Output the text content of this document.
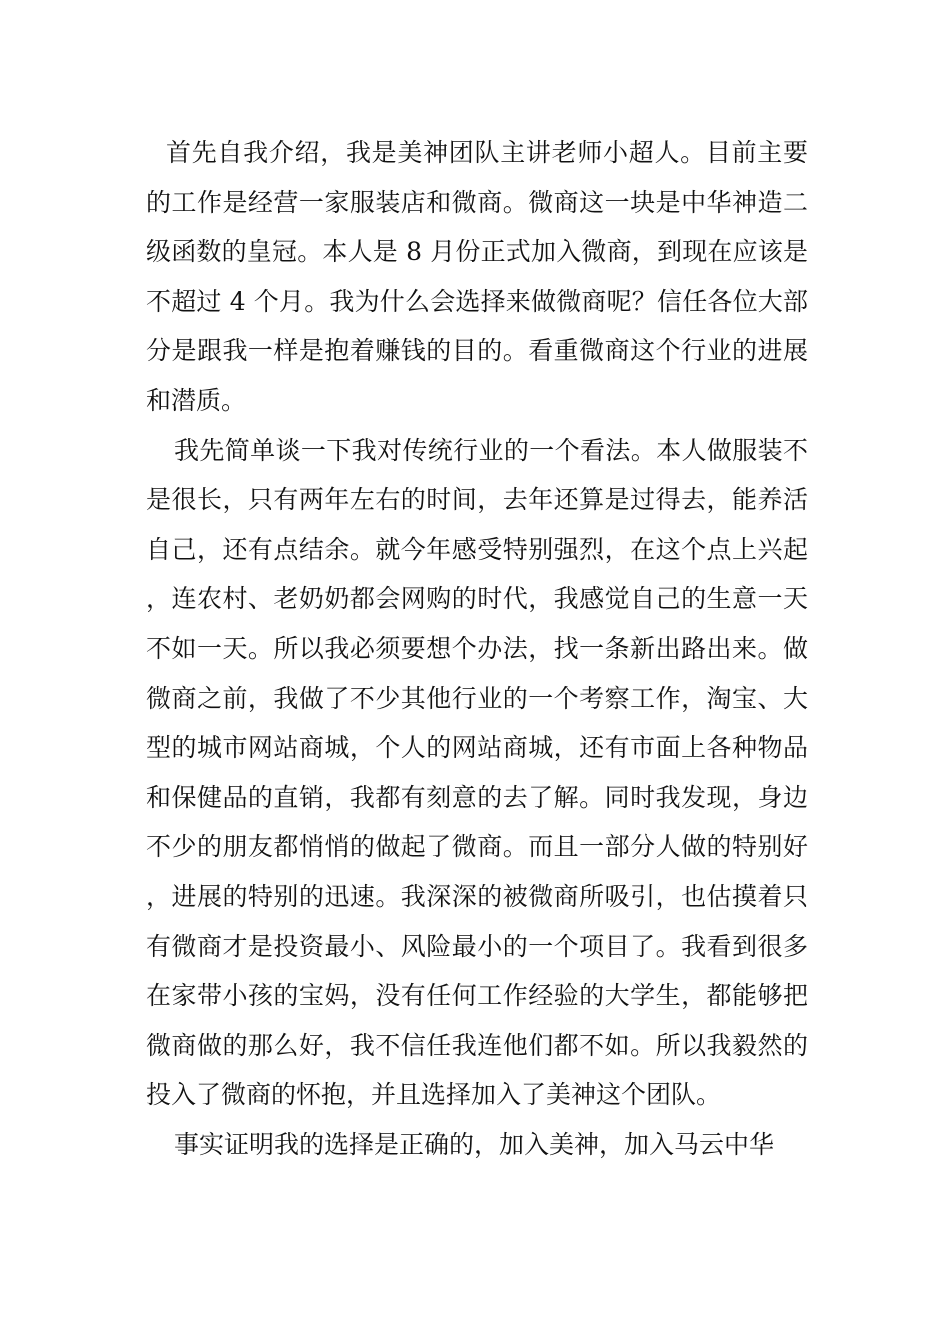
首先自我介绍，我是美神团队主讲老师小超人。目前主要的工作是经营一家服装店和微商。微商这一块是中华神造二级函数的皇冠。本人是 8 月份正式加入微商，到现在应该是不超过 4 个月。我为什么会选择来做微商呢？信任各位大部分是跟我一样是抱着赚钱的目的。看重微商这个行业的进展和潜质。

我先简单谈一下我对传统行业的一个看法。本人做服装不是很长，只有两年左右的时间，去年还算是过得去，能养活自己，还有点结余。就今年感受特别强烈，在这个点上兴起，连农村、老奶奶都会网购的时代，我感觉自己的生意一天不如一天。所以我必须要想个办法，找一条新出路出来。做微商之前，我做了不少其他行业的一个考察工作，淘宝、大型的城市网站商城，个人的网站商城，还有市面上各种物品和保健品的直销，我都有刻意的去了解。同时我发现，身边不少的朋友都悄悄的做起了微商。而且一部分人做的特别好，进展的特别的迅速。我深深的被微商所吸引，也估摸着只有微商才是投资最小、风险最小的一个项目了。我看到很多在家带小孩的宝妈，没有任何工作经验的大学生，都能够把微商做的那么好，我不信任我连他们都不如。所以我毅然的投入了微商的怀抱，并且选择加入了美神这个团队。

事实证明我的选择是正确的，加入美神，加入马云中华
